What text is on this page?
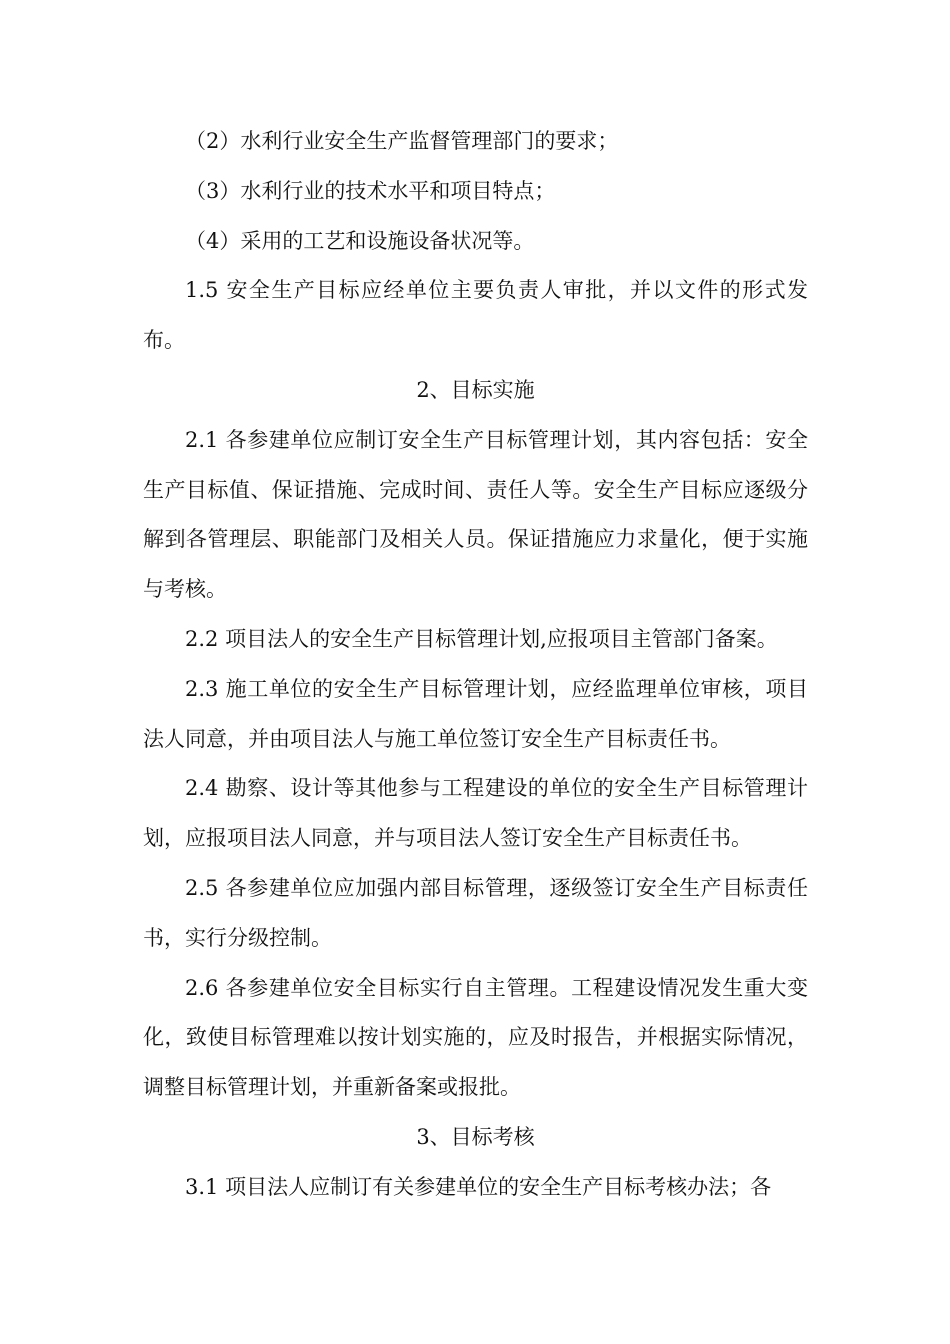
（2）水利行业安全生产监督管理部门的要求；

（3）水利行业的技术水平和项目特点；

（4）采用的工艺和设施设备状况等。

1.5 安全生产目标应经单位主要负责人审批，并以文件的形式发布。

2、目标实施

2.1 各参建单位应制订安全生产目标管理计划，其内容包括：安全生产目标值、保证措施、完成时间、责任人等。安全生产目标应逐级分解到各管理层、职能部门及相关人员。保证措施应力求量化，便于实施与考核。

2.2 项目法人的安全生产目标管理计划,应报项目主管部门备案。

2.3 施工单位的安全生产目标管理计划，应经监理单位审核，项目法人同意，并由项目法人与施工单位签订安全生产目标责任书。

2.4 勘察、设计等其他参与工程建设的单位的安全生产目标管理计划，应报项目法人同意，并与项目法人签订安全生产目标责任书。

2.5 各参建单位应加强内部目标管理，逐级签订安全生产目标责任书，实行分级控制。

2.6 各参建单位安全目标实行自主管理。工程建设情况发生重大变化，致使目标管理难以按计划实施的，应及时报告，并根据实际情况，调整目标管理计划，并重新备案或报批。

3、目标考核

3.1 项目法人应制订有关参建单位的安全生产目标考核办法；各
